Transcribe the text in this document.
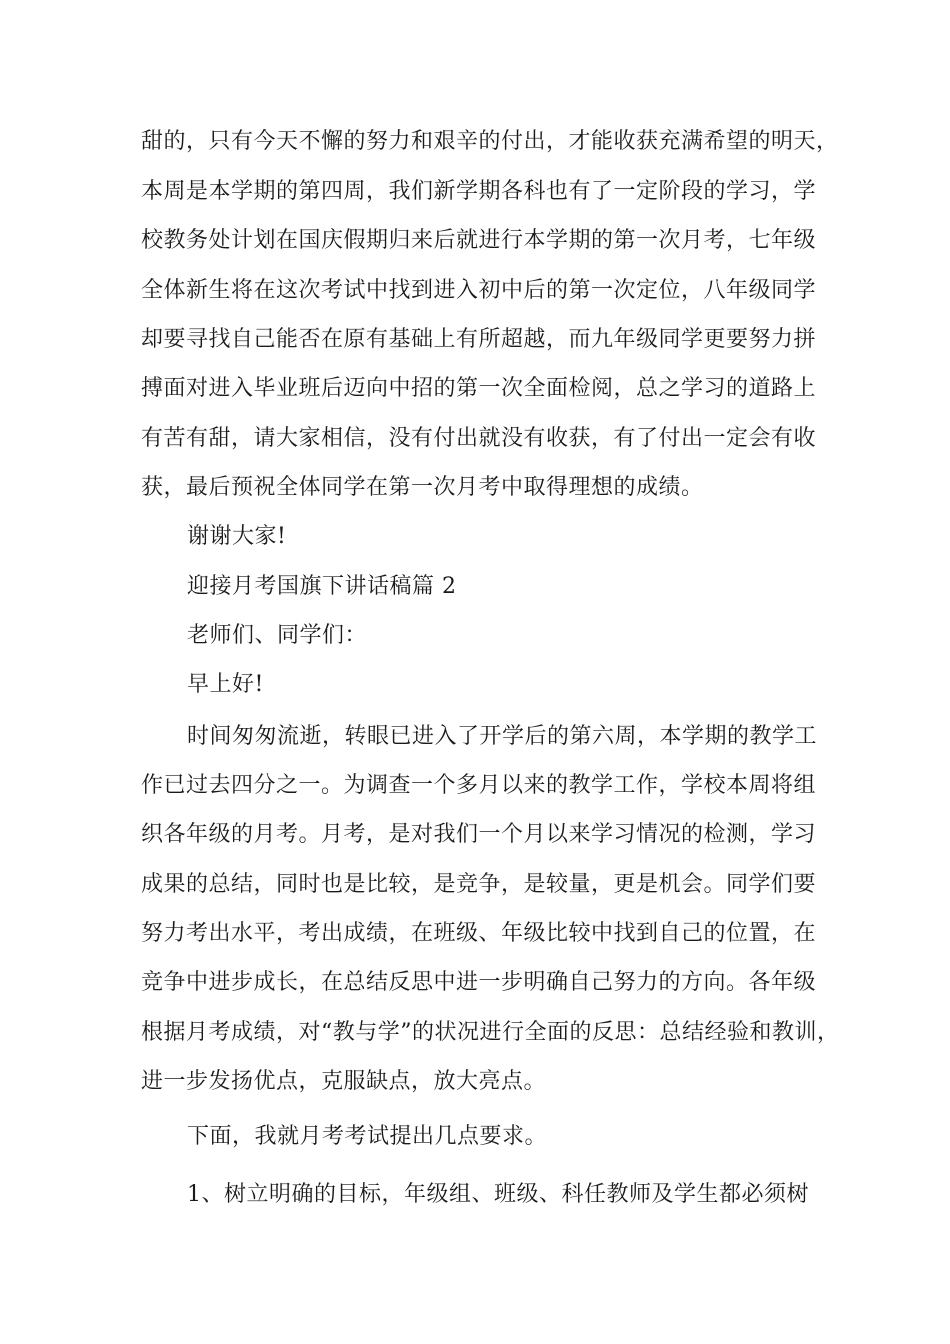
甜的，只有今天不懈的努力和艰辛的付出，才能收获充满希望的明天，
本周是本学期的第四周，我们新学期各科也有了一定阶段的学习，学
校教务处计划在国庆假期归来后就进行本学期的第一次月考，七年级
全体新生将在这次考试中找到进入初中后的第一次定位，八年级同学
却要寻找自己能否在原有基础上有所超越，而九年级同学更要努力拼
搏面对进入毕业班后迈向中招的第一次全面检阅，总之学习的道路上
有苦有甜，请大家相信，没有付出就没有收获，有了付出一定会有收
获，最后预祝全体同学在第一次月考中取得理想的成绩。
谢谢大家!
迎接月考国旗下讲话稿篇 2
老师们、同学们：
早上好!
时间匆匆流逝，转眼已进入了开学后的第六周，本学期的教学工
作已过去四分之一。为调查一个多月以来的教学工作，学校本周将组
织各年级的月考。月考，是对我们一个月以来学习情况的检测，学习
成果的总结，同时也是比较，是竞争，是较量，更是机会。同学们要
努力考出水平，考出成绩，在班级、年级比较中找到自己的位置，在
竞争中进步成长，在总结反思中进一步明确自己努力的方向。各年级
根据月考成绩，对“教与学”的状况进行全面的反思：总结经验和教训，
进一步发扬优点，克服缺点，放大亮点。
下面，我就月考考试提出几点要求。
1、树立明确的目标，年级组、班级、科任教师及学生都必须树
